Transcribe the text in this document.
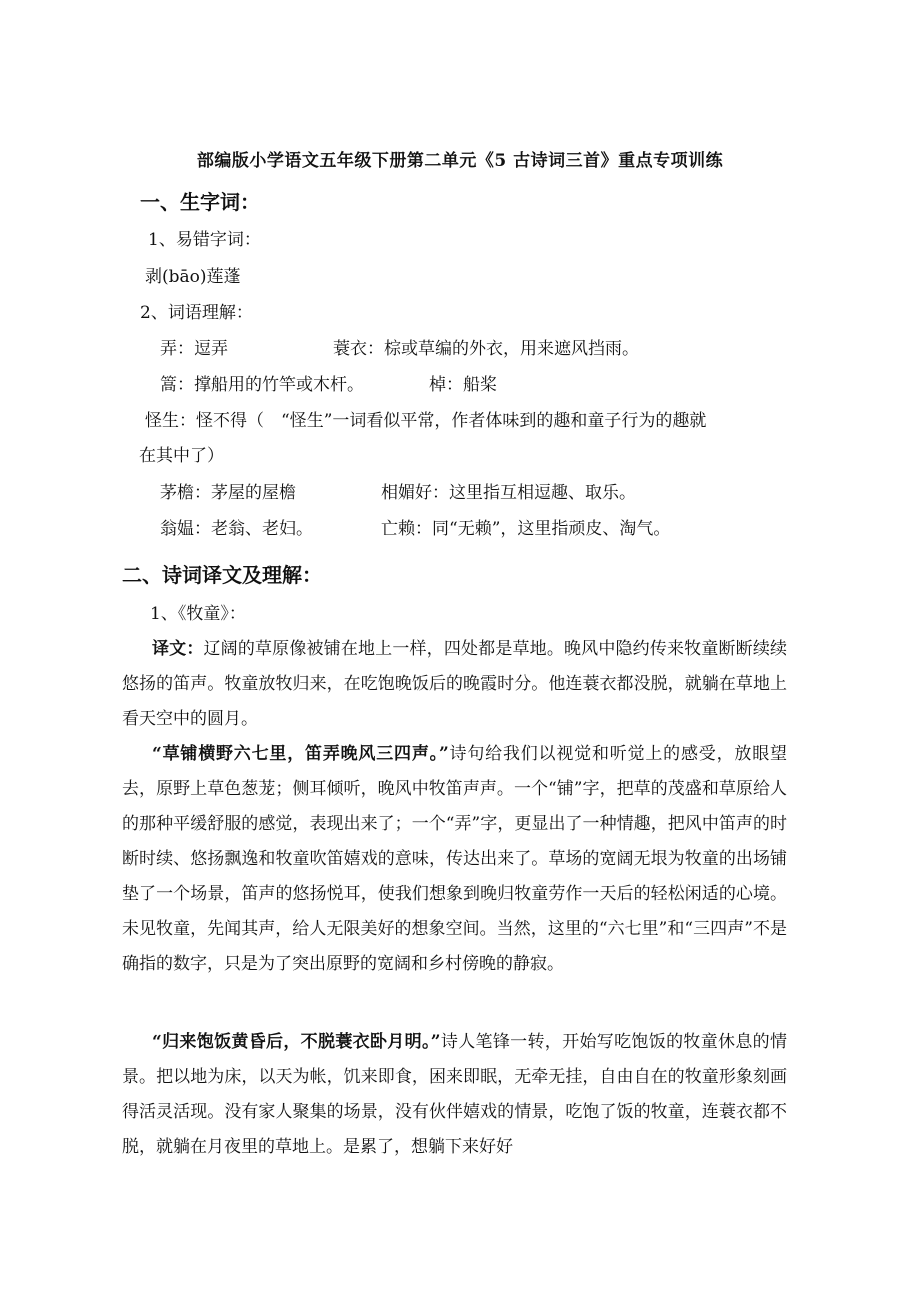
部编版小学语文五年级下册第二单元《5 古诗词三首》重点专项训练
一、生字词：
1、易错字词：
剥(bāo)莲蓬
2、词语理解：
弄：逗弄	蓑衣：棕或草编的外衣，用来遮风挡雨。
篙：撑船用的竹竿或木杆。	棹：船桨
怪生：怪不得（　“怪生”一词看似平常，作者体味到的趣和童子行为的趣就
在其中了）
茅檐：茅屋的屋檐	相媚好：这里指互相逗趣、取乐。
翁媪：老翁、老妇。	亡赖：同“无赖”，这里指顽皮、淘气。
二、诗词译文及理解：
1、《牧童》：
译文：辽阔的草原像被铺在地上一样，四处都是草地。晚风中隐约传来牧童断断续续悠扬的笛声。牧童放牧归来，在吃饱晚饭后的晚霞时分。他连蓑衣都没脱，就躺在草地上看天空中的圆月。
“草铺横野六七里，笛弄晚风三四声。”诗句给我们以视觉和听觉上的感受，放眼望去，原野上草色葱茏；侧耳倾听，晚风中牧笛声声。一个“铺”字，把草的茂盛和草原给人的那种平缓舒服的感觉，表现出来了；一个“弄”字，更显出了一种情趣，把风中笛声的时断时续、悠扬飘逸和牧童吹笛嬉戏的意味，传达出来了。草场的宽阔无垠为牧童的出场铺垫了一个场景，笛声的悠扬悦耳，使我们想象到晚归牧童劳作一天后的轻松闲适的心境。未见牧童，先闻其声，给人无限美好的想象空间。当然，这里的“六七里”和“三四声”不是确指的数字，只是为了突出原野的宽阔和乡村傍晚的静寂。
“归来饱饭黄昏后，不脱蓑衣卧月明。”诗人笔锋一转，开始写吃饱饭的牧童休息的情景。把以地为床，以天为帐，饥来即食，困来即眠，无牵无挂，自由自在的牧童形象刻画得活灵活现。没有家人聚集的场景，没有伙伴嬉戏的情景，吃饱了饭的牧童，连蓑衣都不脱，就躺在月夜里的草地上。是累了，想躺下来好好
